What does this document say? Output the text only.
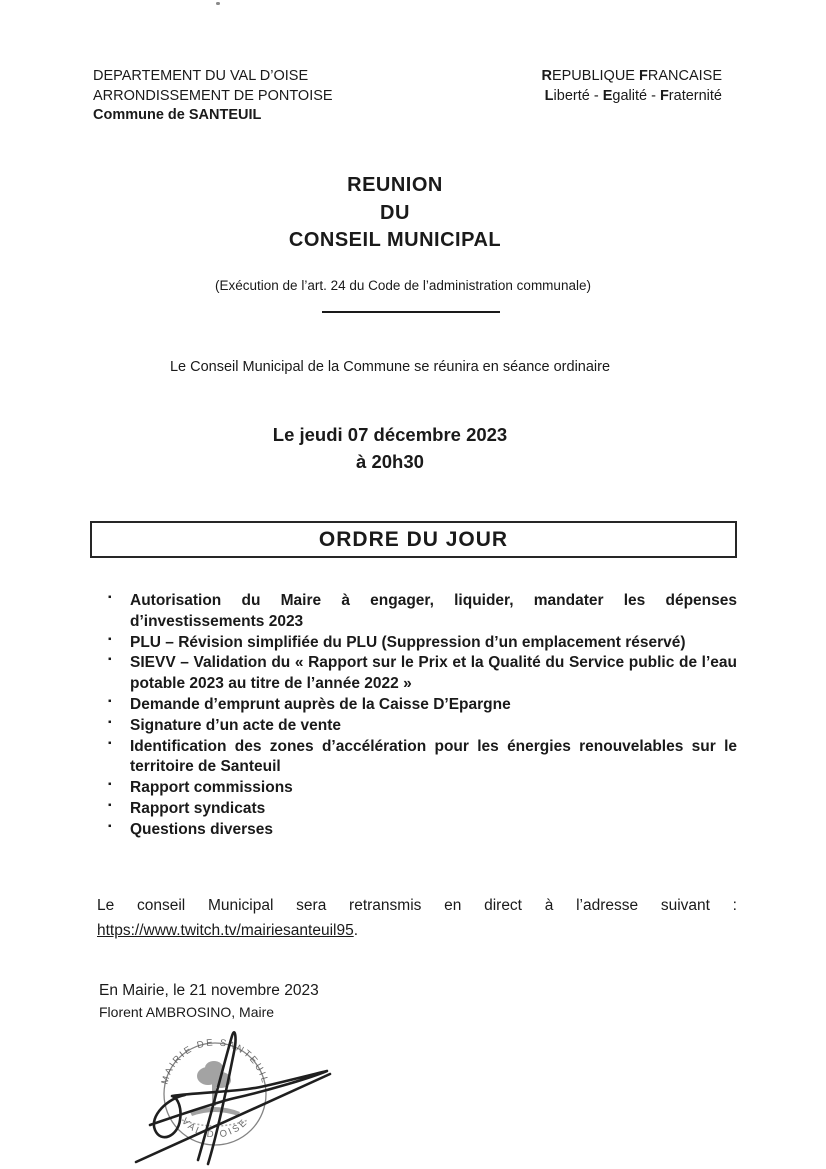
DEPARTEMENT DU VAL D’OISE
ARRONDISSEMENT DE PONTOISE
Commune de SANTEUIL
REPUBLIQUE FRANCAISE
Liberté - Egalité - Fraternité
REUNION
DU
CONSEIL MUNICIPAL
(Exécution de l’art. 24 du Code de l’administration communale)
Le Conseil Municipal de la Commune se réunira en séance ordinaire
Le jeudi 07 décembre 2023
à 20h30
ORDRE DU JOUR
▪ Autorisation du Maire à engager, liquider, mandater les dépenses d’investissements 2023
▪ PLU – Révision simplifiée du PLU (Suppression d’un emplacement réservé)
▪ SIEVV – Validation du « Rapport sur le Prix et la Qualité du Service public de l’eau potable 2023 au titre de l’année 2022 »
▪ Demande d’emprunt auprès de la Caisse D’Epargne
▪ Signature d’un acte de vente
▪ Identification des zones d’accélération pour les énergies renouvelables sur le territoire de Santeuil
▪ Rapport commissions
▪ Rapport syndicats
▪ Questions diverses

Le conseil Municipal sera retransmis en direct à l’adresse suivant : https://www.twitch.tv/mairiesanteuil95.

En Mairie, le 21 novembre 2023
Florent AMBROSINO, Maire
MAIRIE DE SANTEUIL
VAL D’OISE
